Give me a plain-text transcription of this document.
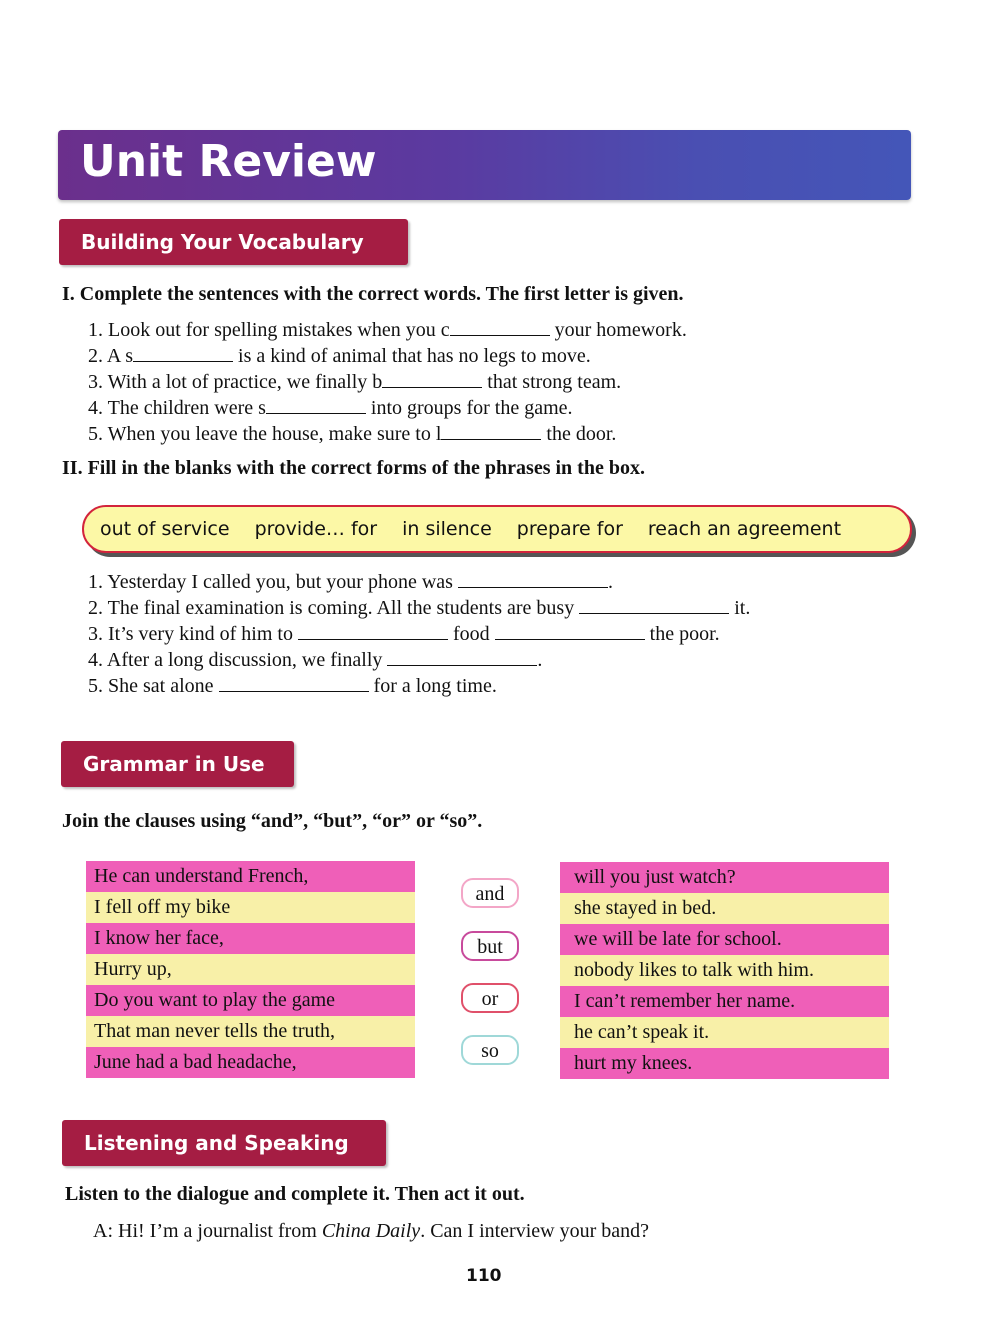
Unit Review
Building Your Vocabulary
I. Complete the sentences with the correct words. The first letter is given.
1. Look out for spelling mistakes when you c	your homework.
2. A s	is a kind of animal that has no legs to move.
3. With a lot of practice, we finally b	that strong team.
4. The children were s	into groups for the game.
5. When you leave the house, make sure to l	the door.
II. Fill in the blanks with the correct forms of the phrases in the box.
out of service provide… for in silence prepare for reach an agreement
1. Yesterday I called you, but your phone was	.
2. The final examination is coming. All the students are busy	it.
3. It’s very kind of him to	food	the poor.
4. After a long discussion, we finally	.
5. She sat alone	for a long time.
Grammar in Use
Join the clauses using “and”, “but”, “or” or “so”.
He can understand French,
I fell off my bike
I know her face,
Hurry up,
Do you want to play the game
That man never tells the truth,
June had a bad headache,
and
but
or
so
will you just watch?
she stayed in bed.
we will be late for school.
nobody likes to talk with him.
I can’t remember her name.
he can’t speak it.
hurt my knees.
Listening and Speaking
Listen to the dialogue and complete it. Then act it out.
A: Hi! I’m a journalist from China Daily. Can I interview your band?
110
